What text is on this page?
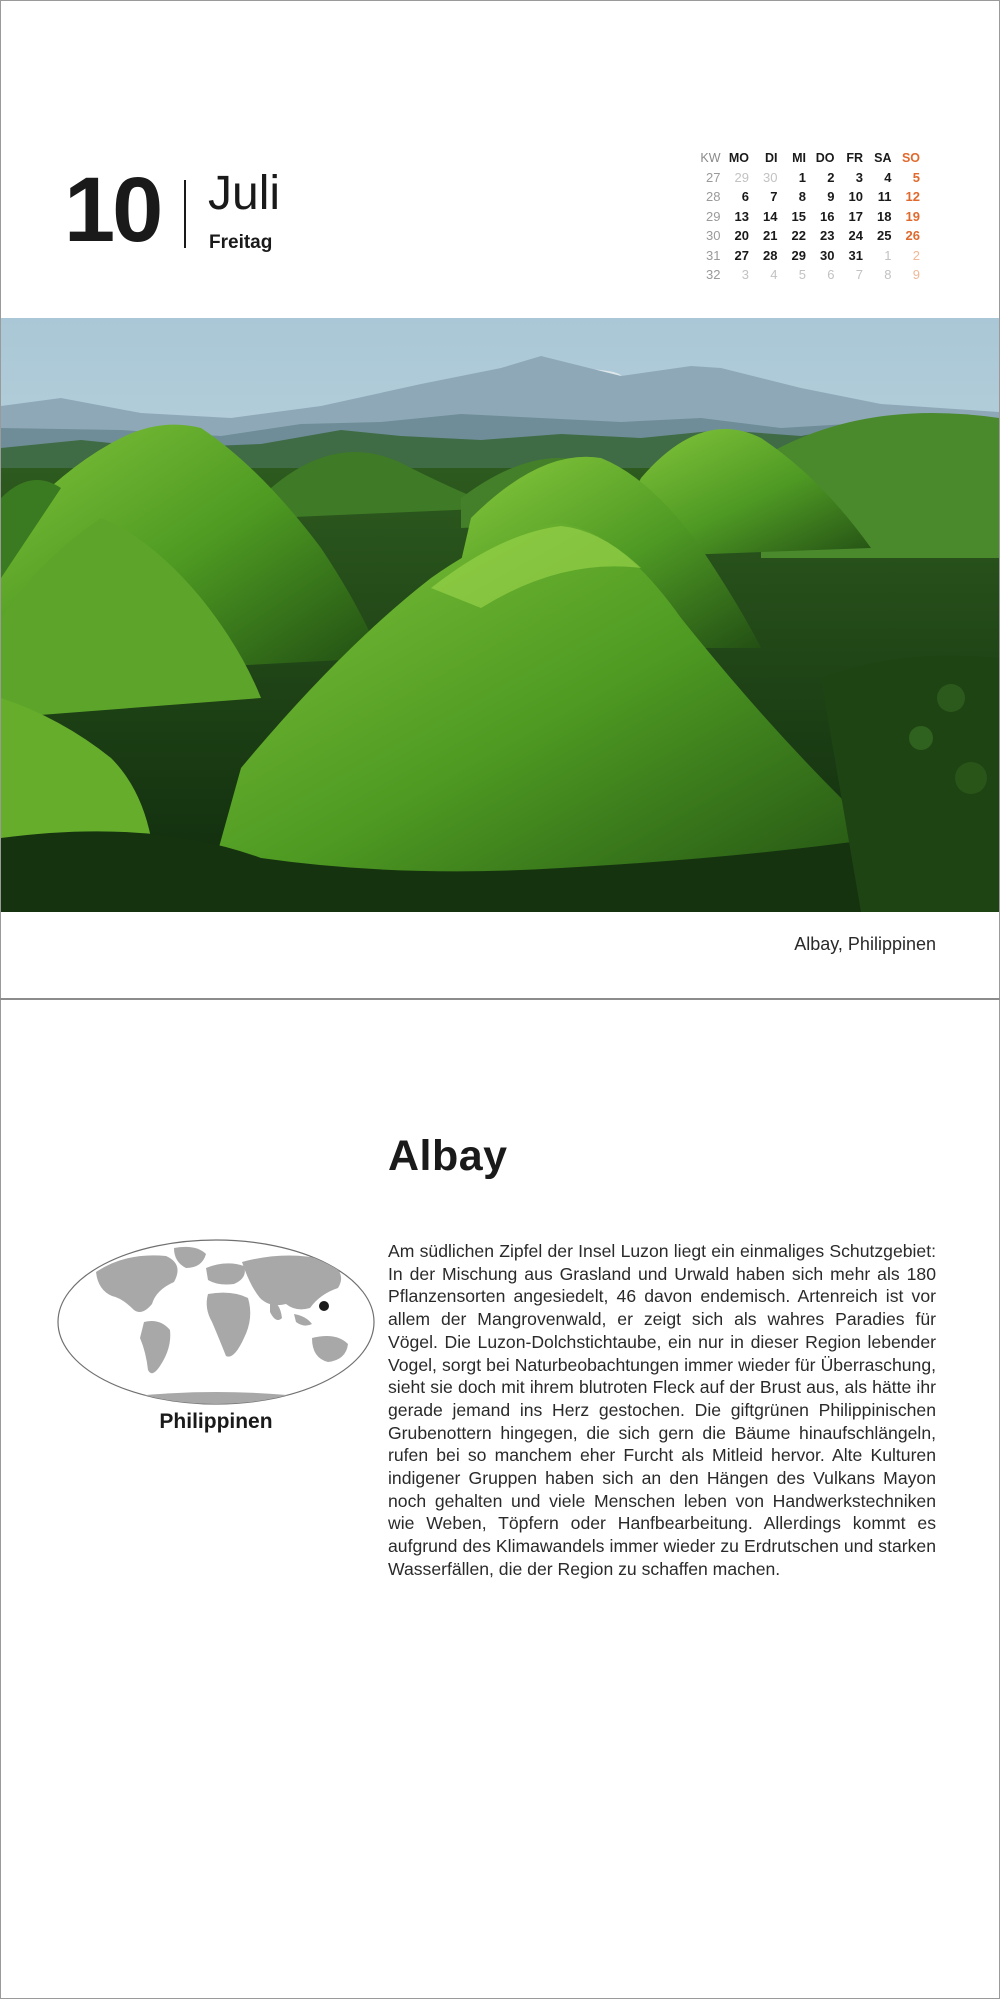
10 Juli
Freitag
KW MO	DI	MI DO FR SA SO
27	29	30	1	2	3	4	5
28	6	7	8	9	10	11	12
29	13	14	15	16	17	18	19
30	20	21	22	23	24	25	26
31	27	28	29	30	31	1	2
32	3	4	5	6	7	8	9
Albay, Philippinen
Albay
Philippinen
Am südlichen Zipfel der Insel Luzon liegt ein einmaliges Schutzgebiet: In der Mischung aus Grasland und Urwald haben sich mehr als 180 Pflanzensorten angesiedelt, 46 davon endemisch. Artenreich ist vor allem der Mangrovenwald, er zeigt sich als wahres Paradies für Vögel. Die Luzon-Dolchstichtaube, ein nur in dieser Region lebender Vogel, sorgt bei Naturbeobachtungen immer wieder für Überraschung, sieht sie doch mit ihrem blutroten Fleck auf der Brust aus, als hätte ihr gerade jemand ins Herz gestochen. Die giftgrünen Philippinischen Grubenottern hingegen, die sich gern die Bäume hinaufschlängeln, rufen bei so manchem eher Furcht als Mitleid hervor. Alte Kulturen indigener Gruppen haben sich an den Hängen des Vulkans Mayon noch gehalten und viele Menschen leben von Handwerkstechniken wie Weben, Töpfern oder Hanfbearbeitung. Allerdings kommt es aufgrund des Klimawandels immer wieder zu Erdrutschen und starken Wasserfällen, die der Region zu schaffen machen.
